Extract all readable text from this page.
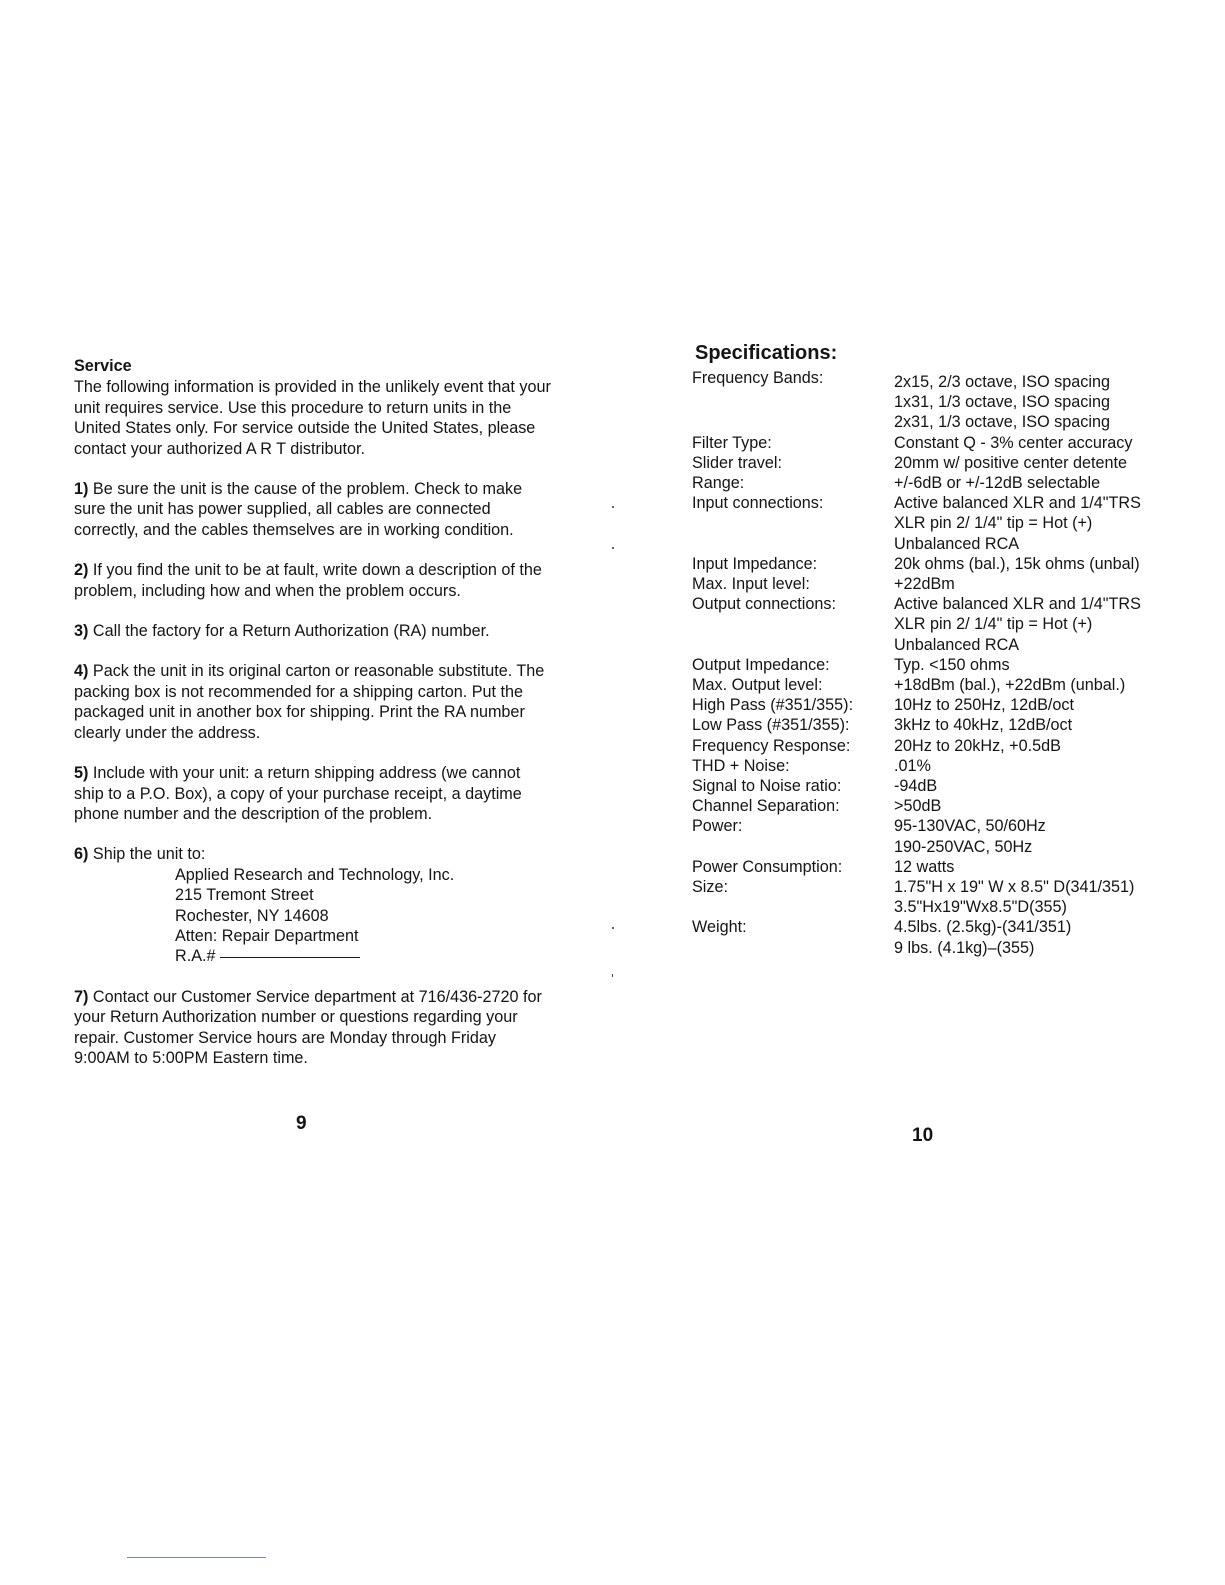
Service
The following information is provided in the unlikely event that your unit requires service. Use this procedure to return units in the United States only. For service outside the United States, please contact your authorized A R T distributor.
1) Be sure the unit is the cause of the problem. Check to make sure the unit has power supplied, all cables are connected correctly, and the cables themselves are in working condition.
2) If you find the unit to be at fault, write down a description of the problem, including how and when the problem occurs.
3) Call the factory for a Return Authorization (RA) number.
4) Pack the unit in its original carton or reasonable substitute. The packing box is not recommended for a shipping carton. Put the packaged unit in another box for shipping. Print the RA number clearly under the address.
5) Include with your unit: a return shipping address (we cannot ship to a P.O. Box), a copy of your purchase receipt, a daytime phone number and the description of the problem.
6) Ship the unit to:
Applied Research and Technology, Inc.
215 Tremont Street
Rochester, NY 14608
Atten: Repair Department
R.A.#
7) Contact our Customer Service department at 716/436-2720 for your Return Authorization number or questions regarding your repair. Customer Service hours are Monday through Friday 9:00AM to 5:00PM Eastern time.
9
Specifications:
Frequency Bands:	2x15, 2/3 octave, ISO spacing
1x31, 1/3 octave, ISO spacing
2x31, 1/3 octave, ISO spacing
Filter Type:	Constant Q - 3% center accuracy
Slider travel:	20mm w/ positive center detente
Range:	+/-6dB or +/-12dB selectable
Input connections:	Active balanced XLR and 1/4"TRS
XLR pin 2/ 1/4" tip = Hot (+)
Unbalanced RCA
Input Impedance:	20k ohms (bal.), 15k ohms (unbal)
Max. Input level:	+22dBm
Output connections:	Active balanced XLR and 1/4"TRS
XLR pin 2/ 1/4" tip = Hot (+)
Unbalanced RCA
Output Impedance:	Typ. <150 ohms
Max. Output level:	+18dBm (bal.), +22dBm (unbal.)
High Pass (#351/355):	10Hz to 250Hz, 12dB/oct
Low Pass (#351/355):	3kHz to 40kHz, 12dB/oct
Frequency Response:	20Hz to 20kHz, +0.5dB
THD + Noise:	.01%
Signal to Noise ratio:	-94dB
Channel Separation:	>50dB
Power:	95-130VAC, 50/60Hz
190-250VAC, 50Hz
Power Consumption:	12 watts
Size:	1.75"H x 19" W x 8.5" D(341/351)
3.5"Hx19"Wx8.5"D(355)
Weight:	4.5lbs. (2.5kg)-(341/351)
9 lbs. (4.1kg)–(355)
10
